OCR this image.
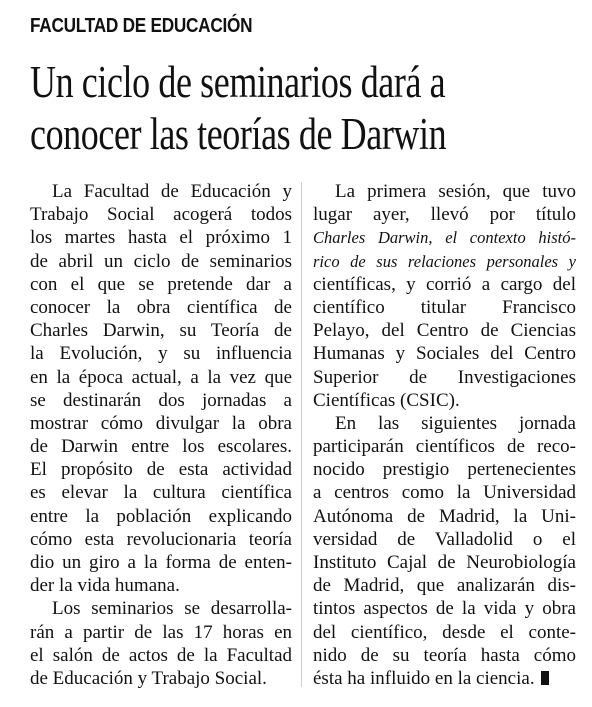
FACULTAD DE EDUCACIÓN
Un ciclo de seminarios dará a
conocer las teorías de Darwin
La Facultad de Educación y
Trabajo Social acogerá todos
los martes hasta el próximo 1
de abril un ciclo de seminarios
con el que se pretende dar a
conocer la obra científica de
Charles Darwin, su Teoría de
la Evolución, y su influencia
en la época actual, a la vez que
se destinarán dos jornadas a
mostrar cómo divulgar la obra
de Darwin entre los escolares.
El propósito de esta actividad
es elevar la cultura científica
entre la población explicando
cómo esta revolucionaria teoría
dio un giro a la forma de enten-
der la vida humana.
Los seminarios se desarrolla-
rán a partir de las 17 horas en
el salón de actos de la Facultad
de Educación y Trabajo Social.
La primera sesión, que tuvo
lugar ayer, llevó por título
Charles Darwin, el contexto histó-
rico de sus relaciones personales y
científicas, y corrió a cargo del
científico titular Francisco
Pelayo, del Centro de Ciencias
Humanas y Sociales del Centro
Superior de Investigaciones
Científicas (CSIC).
En las siguientes jornada
participarán científicos de reco-
nocido prestigio pertenecientes
a centros como la Universidad
Autónoma de Madrid, la Uni-
versidad de Valladolid o el
Instituto Cajal de Neurobiología
de Madrid, que analizarán dis-
tintos aspectos de la vida y obra
del científico, desde el conte-
nido de su teoría hasta cómo
ésta ha influido en la ciencia.
